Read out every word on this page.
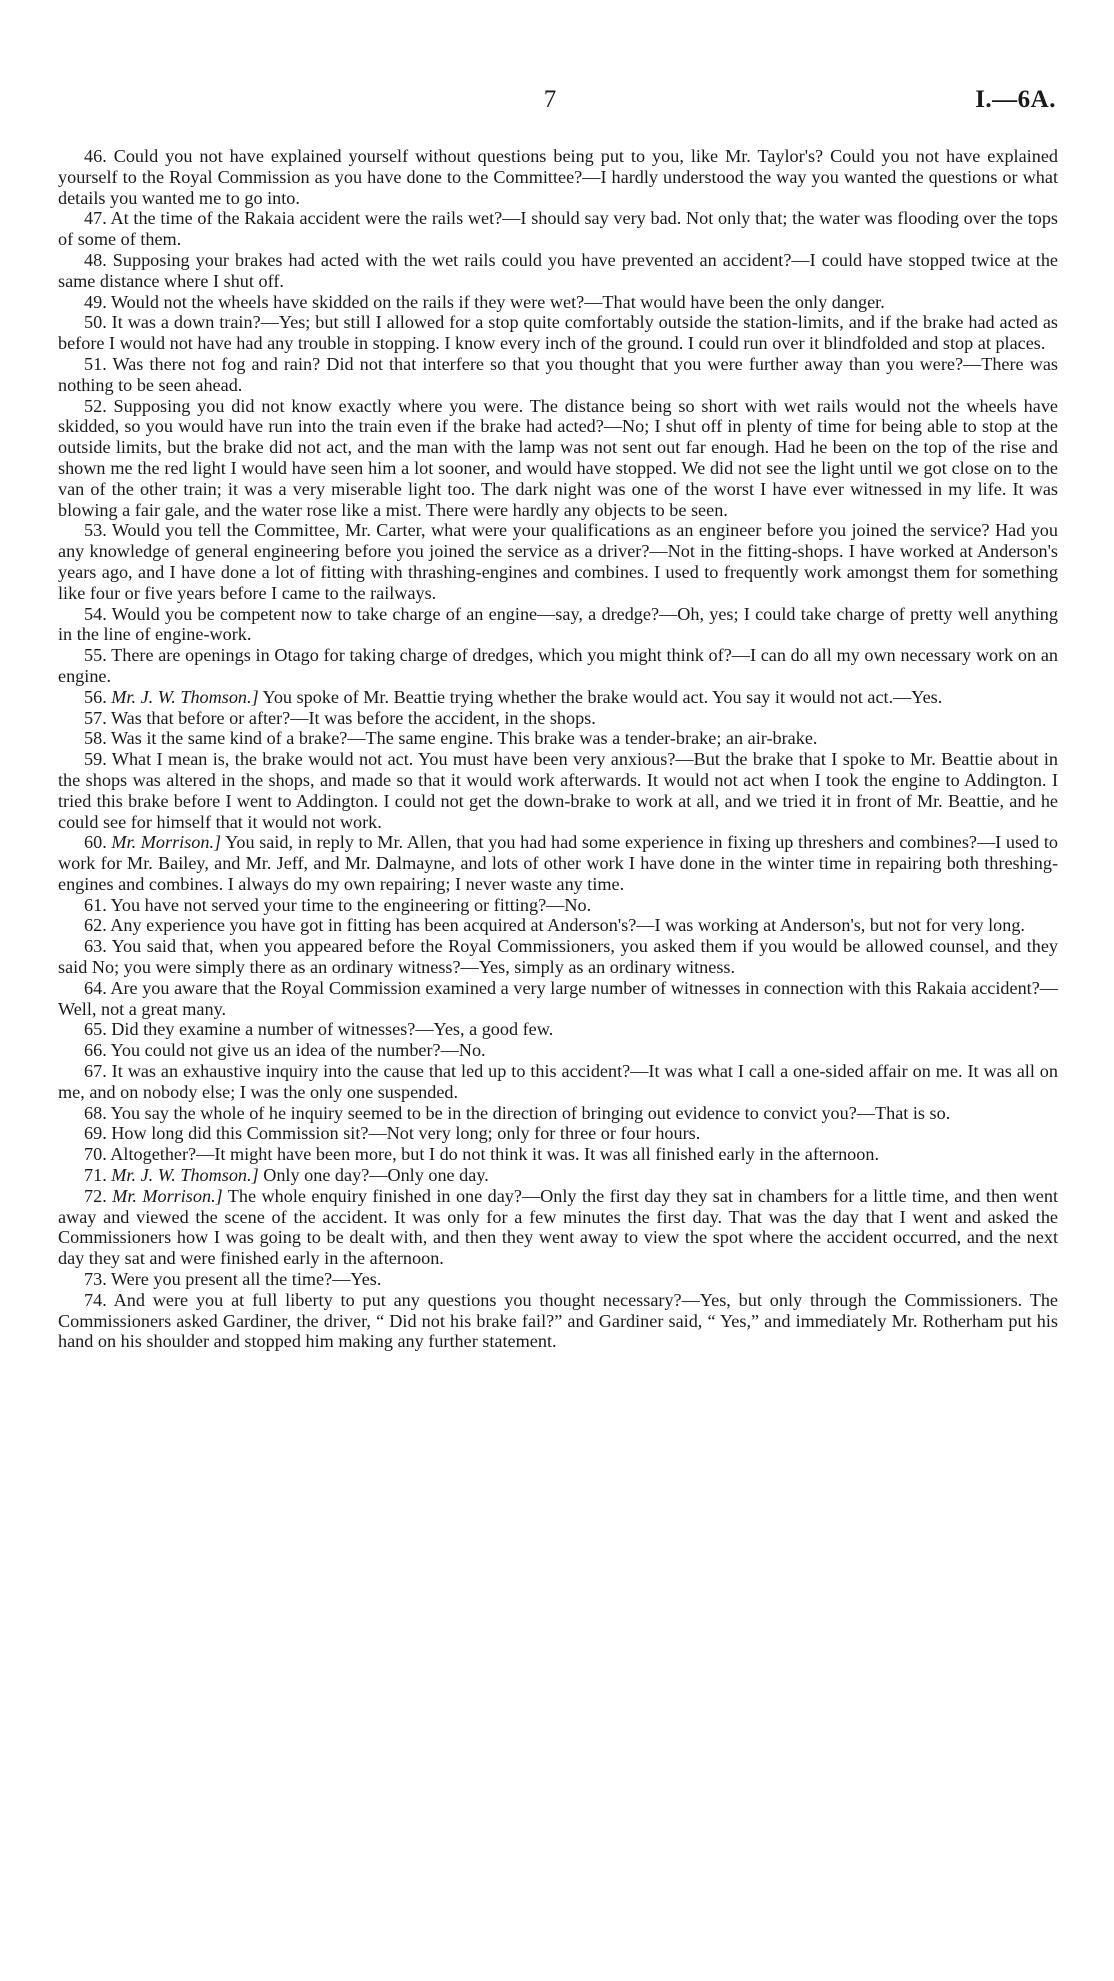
7	I.—6A.

46. Could you not have explained yourself without questions being put to you, like Mr. Taylor's? Could you not have explained yourself to the Royal Commission as you have done to the Committee?—I hardly understood the way you wanted the questions or what details you wanted me to go into.

47. At the time of the Rakaia accident were the rails wet?—I should say very bad. Not only that; the water was flooding over the tops of some of them.

48. Supposing your brakes had acted with the wet rails could you have prevented an accident?—I could have stopped twice at the same distance where I shut off.

49. Would not the wheels have skidded on the rails if they were wet?—That would have been the only danger.

50. It was a down train?—Yes; but still I allowed for a stop quite comfortably outside the station-limits, and if the brake had acted as before I would not have had any trouble in stopping. I know every inch of the ground. I could run over it blindfolded and stop at places.

51. Was there not fog and rain? Did not that interfere so that you thought that you were further away than you were?—There was nothing to be seen ahead.

52. Supposing you did not know exactly where you were. The distance being so short with wet rails would not the wheels have skidded, so you would have run into the train even if the brake had acted?—No; I shut off in plenty of time for being able to stop at the outside limits, but the brake did not act, and the man with the lamp was not sent out far enough. Had he been on the top of the rise and shown me the red light I would have seen him a lot sooner, and would have stopped. We did not see the light until we got close on to the van of the other train; it was a very miserable light too. The dark night was one of the worst I have ever witnessed in my life. It was blowing a fair gale, and the water rose like a mist. There were hardly any objects to be seen.

53. Would you tell the Committee, Mr. Carter, what were your qualifications as an engineer before you joined the service? Had you any knowledge of general engineering before you joined the service as a driver?—Not in the fitting-shops. I have worked at Anderson's years ago, and I have done a lot of fitting with thrashing-engines and combines. I used to frequently work amongst them for something like four or five years before I came to the railways.

54. Would you be competent now to take charge of an engine—say, a dredge?—Oh, yes; I could take charge of pretty well anything in the line of engine-work.

55. There are openings in Otago for taking charge of dredges, which you might think of?—I can do all my own necessary work on an engine.

56. Mr. J. W. Thomson.] You spoke of Mr. Beattie trying whether the brake would act. You say it would not act.—Yes.

57. Was that before or after?—It was before the accident, in the shops.

58. Was it the same kind of a brake?—The same engine. This brake was a tender-brake; an air-brake.

59. What I mean is, the brake would not act. You must have been very anxious?—But the brake that I spoke to Mr. Beattie about in the shops was altered in the shops, and made so that it would work afterwards. It would not act when I took the engine to Addington. I tried this brake before I went to Addington. I could not get the down-brake to work at all, and we tried it in front of Mr. Beattie, and he could see for himself that it would not work.

60. Mr. Morrison.] You said, in reply to Mr. Allen, that you had had some experience in fixing up threshers and combines?—I used to work for Mr. Bailey, and Mr. Jeff, and Mr. Dalmayne, and lots of other work I have done in the winter time in repairing both threshing-engines and combines. I always do my own repairing; I never waste any time.

61. You have not served your time to the engineering or fitting?—No.

62. Any experience you have got in fitting has been acquired at Anderson's?—I was working at Anderson's, but not for very long.

63. You said that, when you appeared before the Royal Commissioners, you asked them if you would be allowed counsel, and they said No; you were simply there as an ordinary witness?—Yes, simply as an ordinary witness.

64. Are you aware that the Royal Commission examined a very large number of witnesses in connection with this Rakaia accident?—Well, not a great many.

65. Did they examine a number of witnesses?—Yes, a good few.

66. You could not give us an idea of the number?—No.

67. It was an exhaustive inquiry into the cause that led up to this accident?—It was what I call a one-sided affair on me. It was all on me, and on nobody else; I was the only one suspended.

68. You say the whole of he inquiry seemed to be in the direction of bringing out evidence to convict you?—That is so.

69. How long did this Commission sit?—Not very long; only for three or four hours.

70. Altogether?—It might have been more, but I do not think it was. It was all finished early in the afternoon.

71. Mr. J. W. Thomson.] Only one day?—Only one day.

72. Mr. Morrison.] The whole enquiry finished in one day?—Only the first day they sat in chambers for a little time, and then went away and viewed the scene of the accident. It was only for a few minutes the first day. That was the day that I went and asked the Commissioners how I was going to be dealt with, and then they went away to view the spot where the accident occurred, and the next day they sat and were finished early in the afternoon.

73. Were you present all the time?—Yes.

74. And were you at full liberty to put any questions you thought necessary?—Yes, but only through the Commissioners. The Commissioners asked Gardiner, the driver, “ Did not his brake fail?” and Gardiner said, “ Yes,” and immediately Mr. Rotherham put his hand on his shoulder and stopped him making any further statement.
